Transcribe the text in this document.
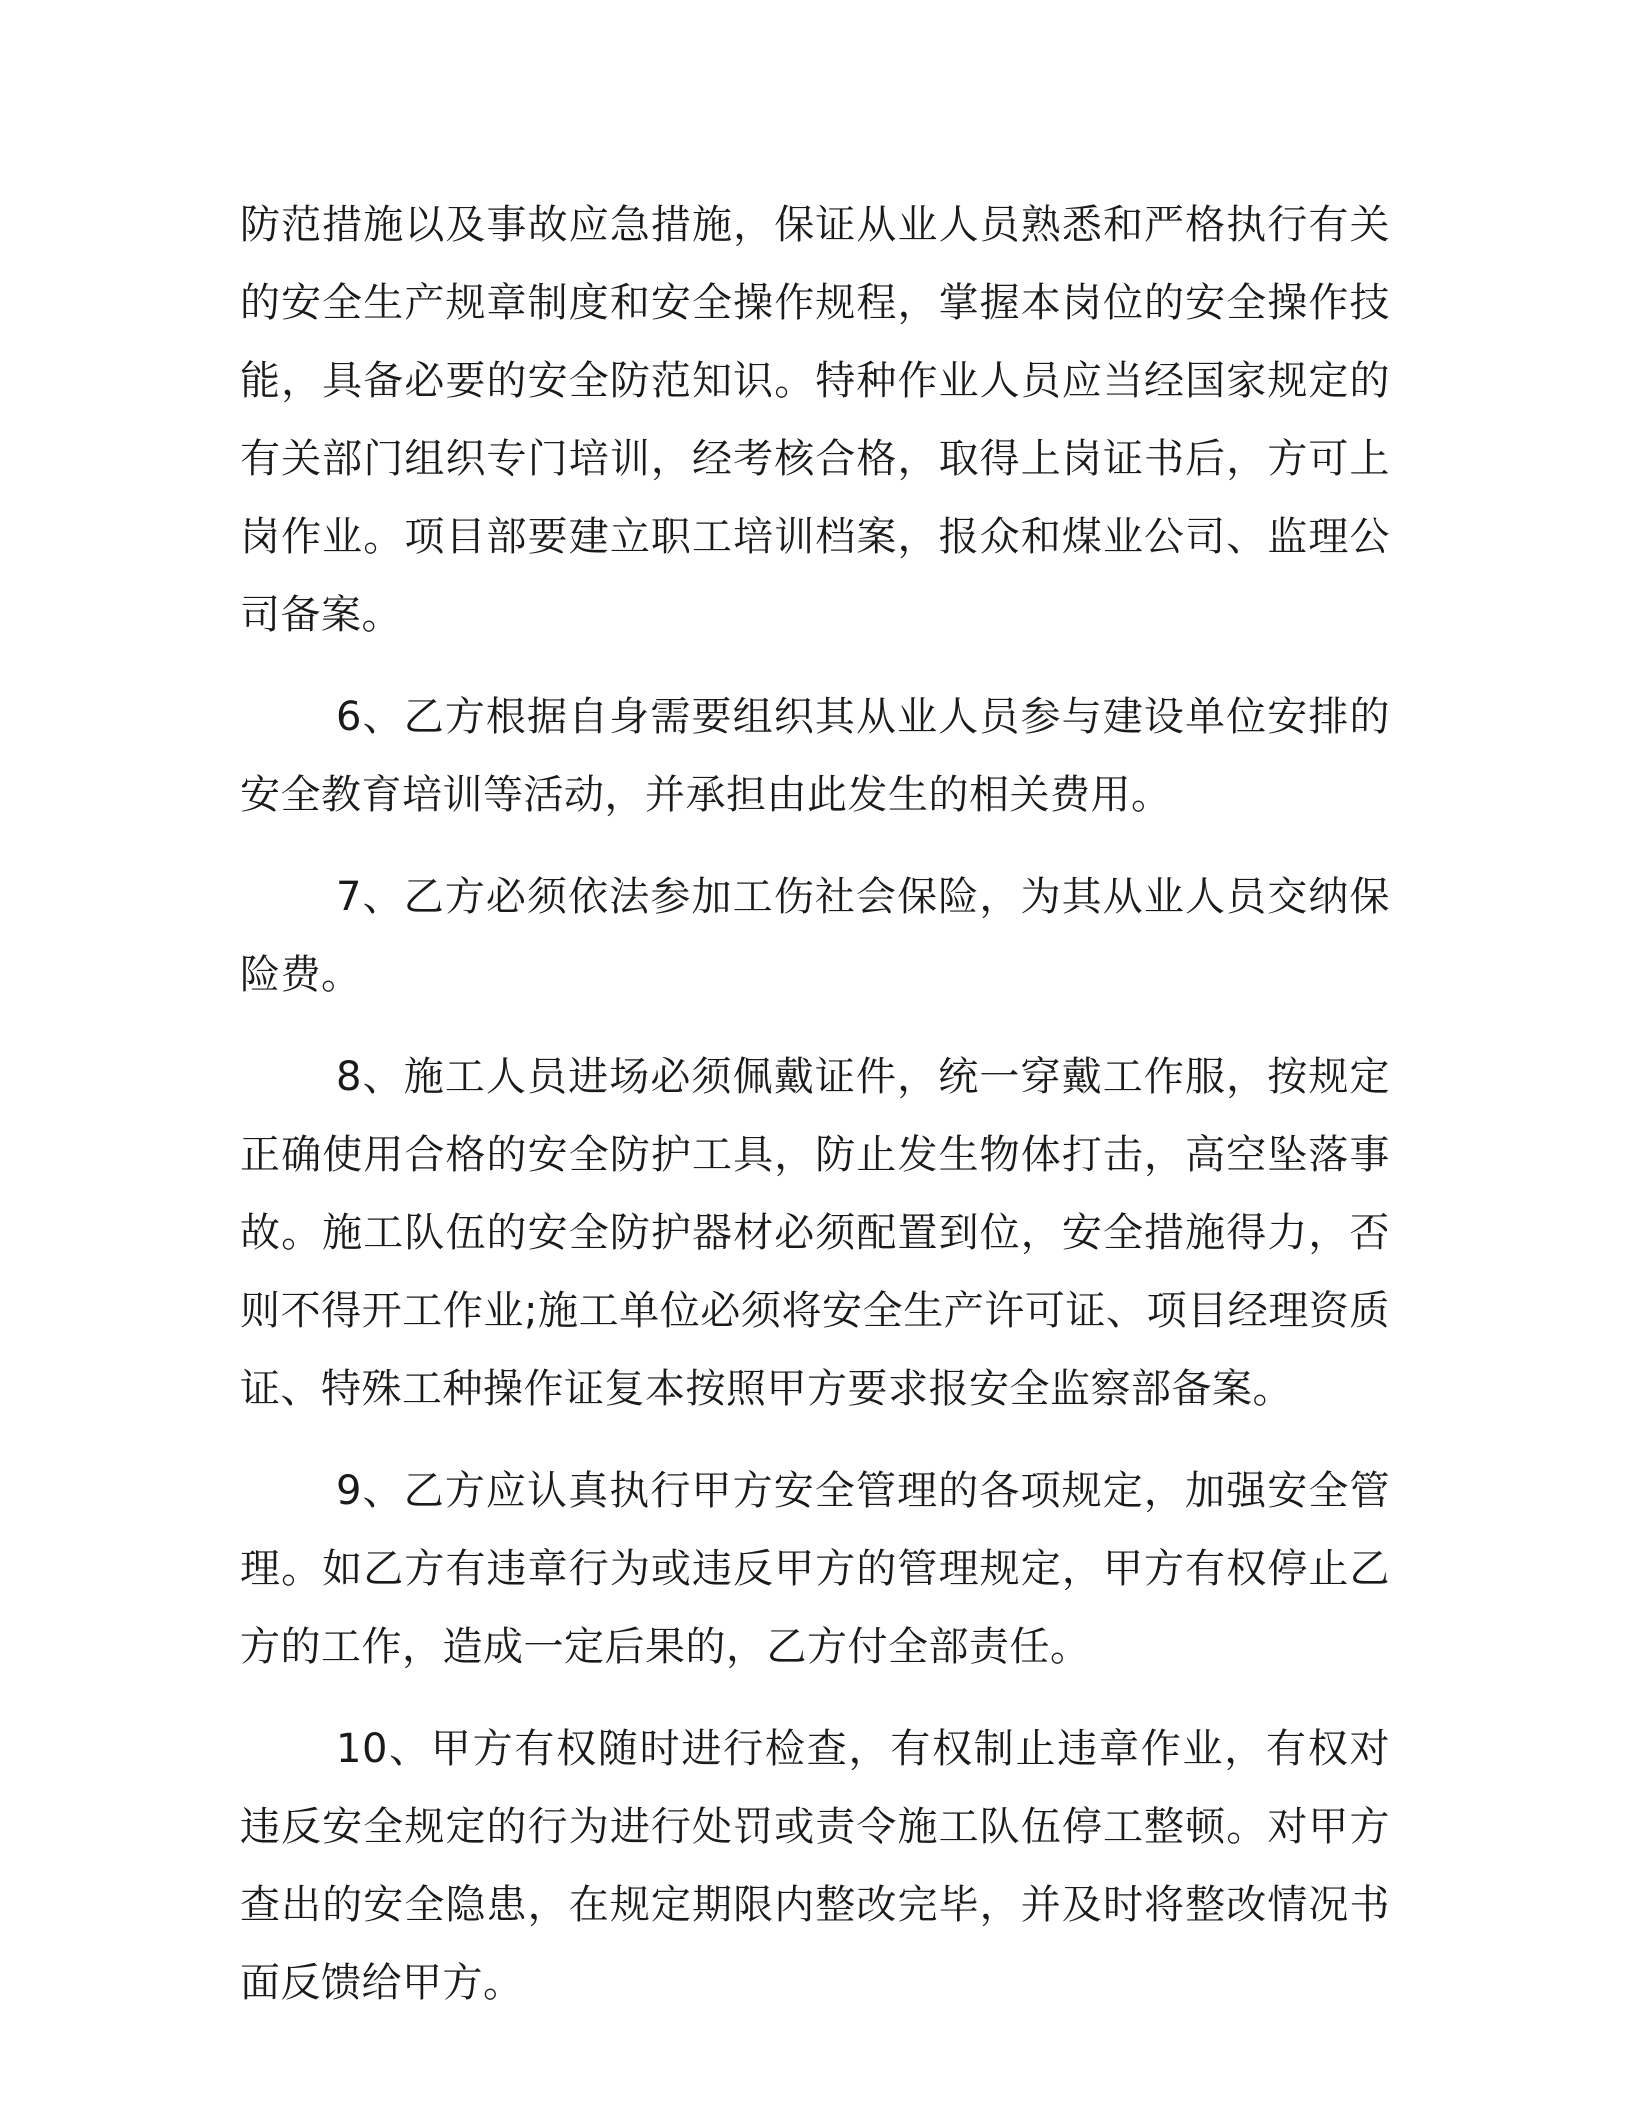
防范措施以及事故应急措施，保证从业人员熟悉和严格执行有关的安全生产规章制度和安全操作规程，掌握本岗位的安全操作技能，具备必要的安全防范知识。特种作业人员应当经国家规定的有关部门组织专门培训，经考核合格，取得上岗证书后，方可上岗作业。项目部要建立职工培训档案，报众和煤业公司、监理公司备案。

6、乙方根据自身需要组织其从业人员参与建设单位安排的安全教育培训等活动，并承担由此发生的相关费用。

7、乙方必须依法参加工伤社会保险，为其从业人员交纳保险费。

8、施工人员进场必须佩戴证件，统一穿戴工作服，按规定正确使用合格的安全防护工具，防止发生物体打击，高空坠落事故。施工队伍的安全防护器材必须配置到位，安全措施得力，否则不得开工作业;施工单位必须将安全生产许可证、项目经理资质证、特殊工种操作证复本按照甲方要求报安全监察部备案。

9、乙方应认真执行甲方安全管理的各项规定，加强安全管理。如乙方有违章行为或违反甲方的管理规定，甲方有权停止乙方的工作，造成一定后果的，乙方付全部责任。

10、甲方有权随时进行检查，有权制止违章作业，有权对违反安全规定的行为进行处罚或责令施工队伍停工整顿。对甲方查出的安全隐患，在规定期限内整改完毕，并及时将整改情况书面反馈给甲方。
